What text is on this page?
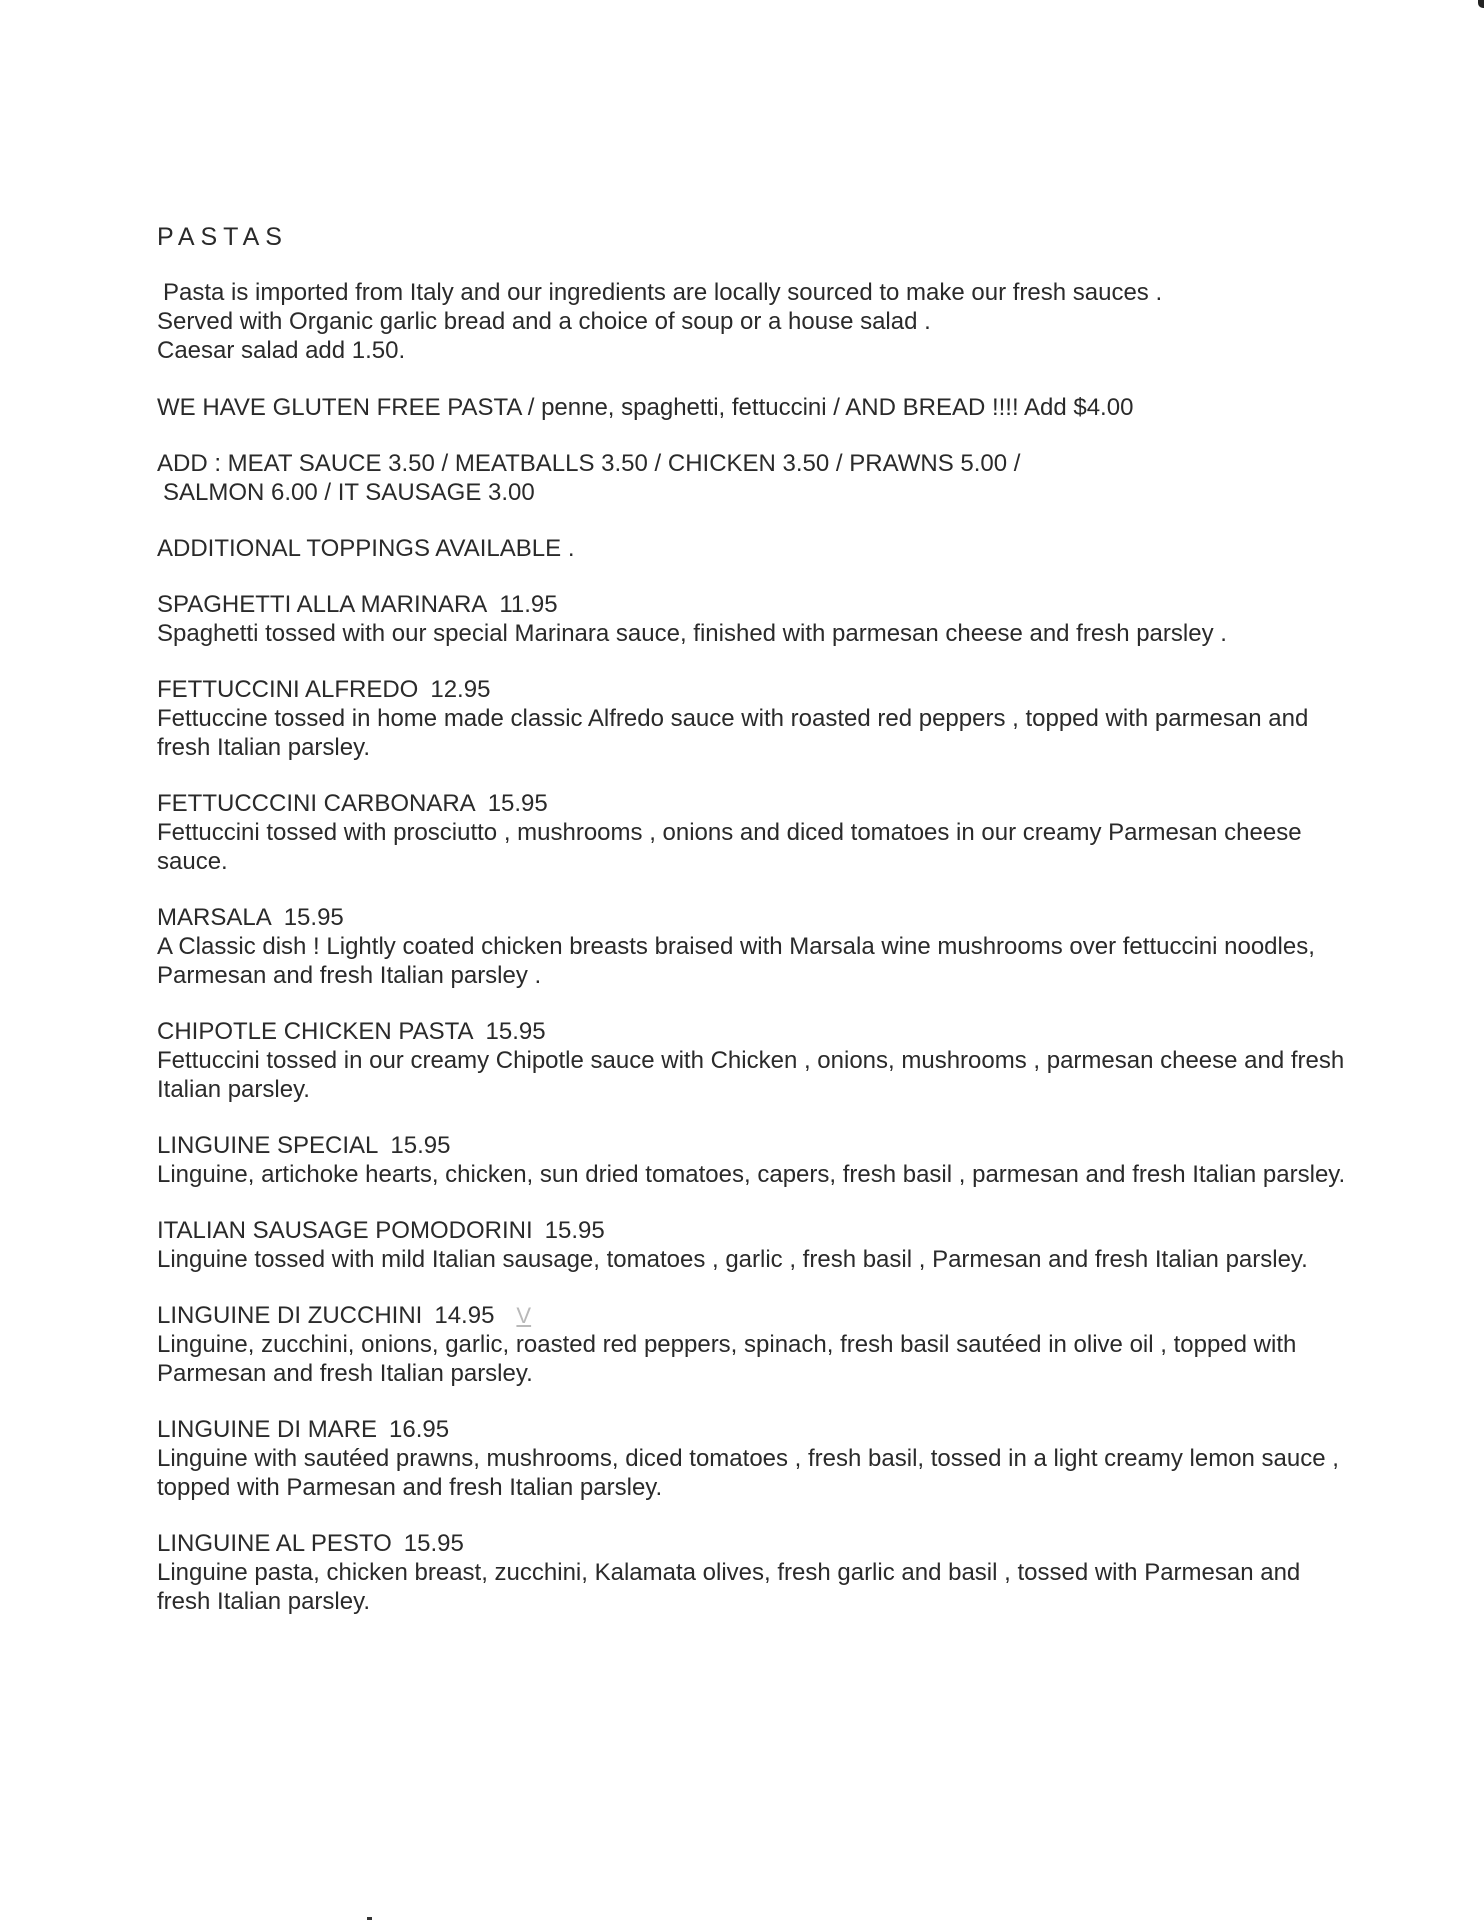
PASTAS

Pasta is imported from Italy and our ingredients are locally sourced to make our fresh sauces .

Served with Organic garlic bread and a choice of soup or a house salad .

Caesar salad add 1.50.

WE HAVE GLUTEN FREE PASTA / penne, spaghetti, fettuccini / AND BREAD !!!! Add $4.00

ADD : MEAT SAUCE 3.50 / MEATBALLS 3.50 / CHICKEN 3.50 / PRAWNS 5.00 /

SALMON 6.00 / IT SAUSAGE 3.00

ADDITIONAL TOPPINGS AVAILABLE .

SPAGHETTI ALLA MARINARA 11.95

Spaghetti tossed with our special Marinara sauce, finished with parmesan cheese and fresh parsley .

FETTUCCINI ALFREDO 12.95

Fettuccine tossed in home made classic Alfredo sauce with roasted red peppers , topped with parmesan and fresh Italian parsley.

FETTUCCCINI CARBONARA 15.95

Fettuccini tossed with prosciutto , mushrooms , onions and diced tomatoes in our creamy Parmesan cheese sauce.

MARSALA 15.95

A Classic dish ! Lightly coated chicken breasts braised with Marsala wine mushrooms over fettuccini noodles, Parmesan and fresh Italian parsley .

CHIPOTLE CHICKEN PASTA 15.95

Fettuccini tossed in our creamy Chipotle sauce with Chicken , onions, mushrooms , parmesan cheese and fresh Italian parsley.

LINGUINE SPECIAL 15.95

Linguine, artichoke hearts, chicken, sun dried tomatoes, capers, fresh basil , parmesan and fresh Italian parsley.

ITALIAN SAUSAGE POMODORINI 15.95

Linguine tossed with mild Italian sausage, tomatoes , garlic , fresh basil , Parmesan and fresh Italian parsley.

LINGUINE DI ZUCCHINI 14.95 V

Linguine, zucchini, onions, garlic, roasted red peppers, spinach, fresh basil sautéed in olive oil , topped with Parmesan and fresh Italian parsley.

LINGUINE DI MARE 16.95

Linguine with sautéed prawns, mushrooms, diced tomatoes , fresh basil, tossed in a light creamy lemon sauce , topped with Parmesan and fresh Italian parsley.

LINGUINE AL PESTO 15.95

Linguine pasta, chicken breast, zucchini, Kalamata olives, fresh garlic and basil , tossed with Parmesan and fresh Italian parsley.
